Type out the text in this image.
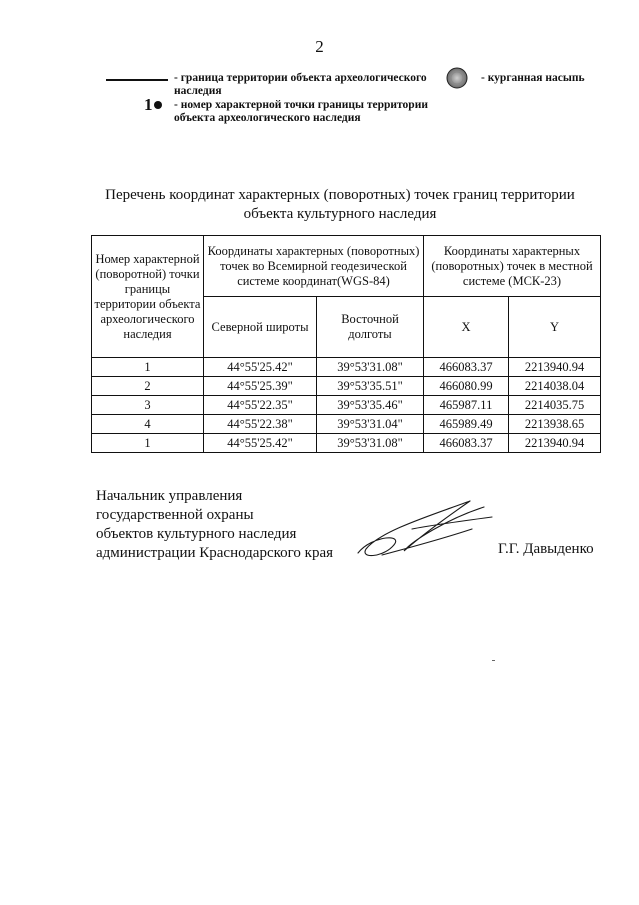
2
- граница территории объекта археологического наследия
1	- номер характерной точки границы территории объекта археологического наследия
- курганная насыпь
Перечень координат характерных (поворотных) точек границ территории
объекта культурного наследия
Номер характерной (поворотной) точки границы территории объекта археологического наследия	Координаты характерных (поворотных) точек во Всемирной геодезической системе координат(WGS-84)		Координаты характерных (поворотных) точек в местной системе (МСК-23)	
	Северной широты	Восточной долготы	X	Y
1	44°55'25.42"	39°53'31.08"	466083.37	2213940.94
2	44°55'25.39"	39°53'35.51"	466080.99	2214038.04
3	44°55'22.35"	39°53'35.46"	465987.11	2214035.75
4	44°55'22.38"	39°53'31.04"	465989.49	2213938.65
1	44°55'25.42"	39°53'31.08"	466083.37	2213940.94
Начальник управления
государственной охраны
объектов культурного наследия
администрации Краснодарского края	Г.Г. Давыденко
